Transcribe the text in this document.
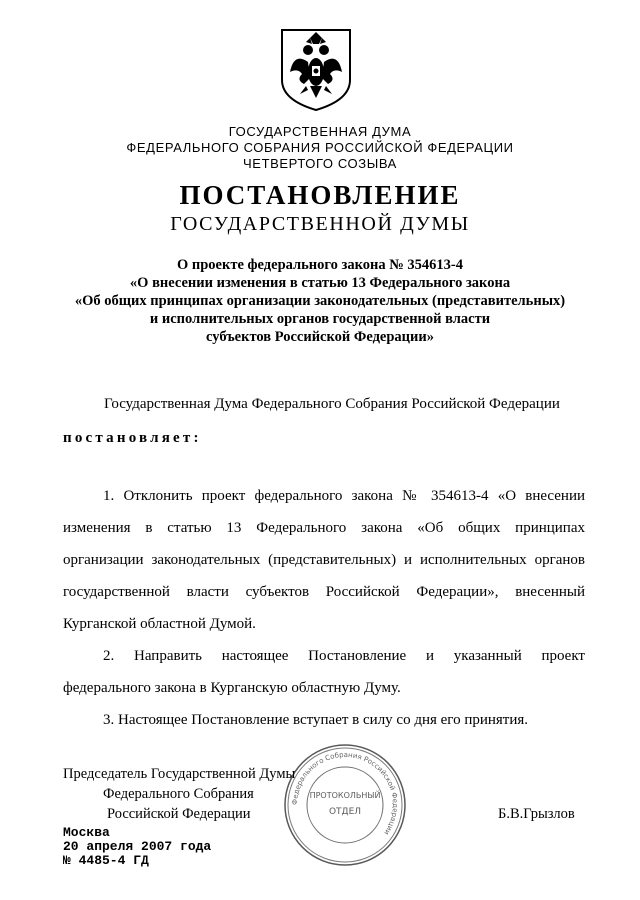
ГОСУДАРСТВЕННАЯ ДУМА
ФЕДЕРАЛЬНОГО СОБРАНИЯ РОССИЙСКОЙ ФЕДЕРАЦИИ
ЧЕТВЕРТОГО СОЗЫВА
ПОСТАНОВЛЕНИЕ
ГОСУДАРСТВЕННОЙ ДУМЫ
О проекте федерального закона № 354613-4
«О внесении изменения в статью 13 Федерального закона
«Об общих принципах организации законодательных (представительных)
и исполнительных органов государственной власти
субъектов Российской Федерации»
Государственная Дума Федерального Собрания Российской Федерации
постановляет:
1. Отклонить проект федерального закона № 354613-4 «О внесении
изменения в статью 13 Федерального закона «Об общих принципах
организации законодательных (представительных) и исполнительных органов
государственной власти субъектов Российской Федерации», внесенный
Курганской областной Думой.
2. Направить настоящее Постановление и указанный проект
федерального закона в Курганскую областную Думу.
3. Настоящее Постановление вступает в силу со дня его принятия.
Федерального Собрания Российской Федерации
ПРОТОКОЛЬНЫЙ
ОТДЕЛ
Председатель Государственной Думы
Федерального Собрания
Российской Федерации	Б.В.Грызлов
Москва
20 апреля 2007 года
№ 4485-4 ГД
